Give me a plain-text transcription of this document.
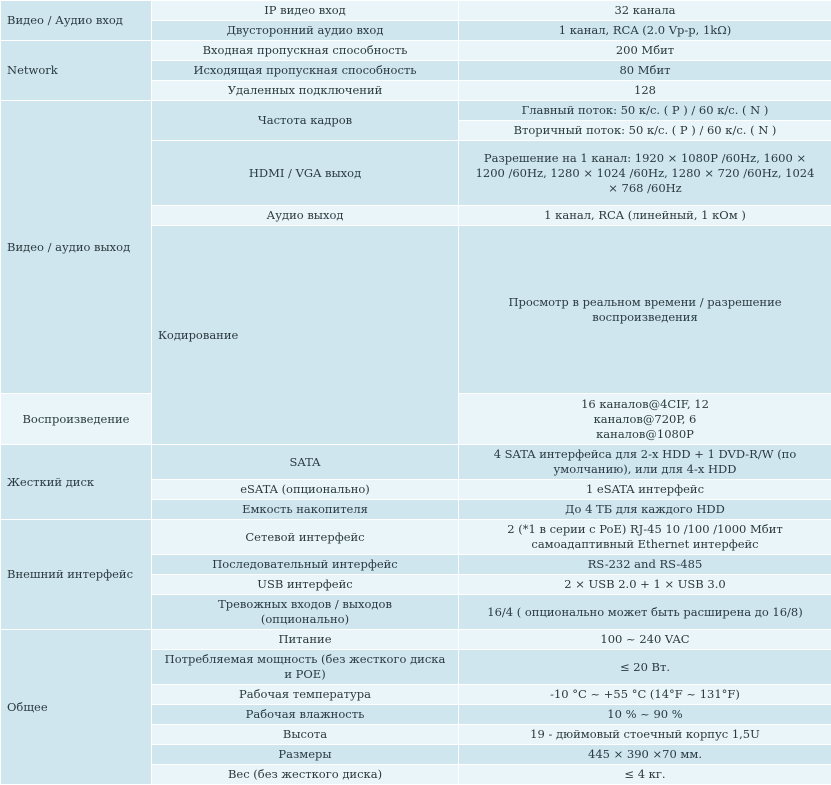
Видео / Аудио вход	IP видео вход	32 канала	
	Двусторонний аудио вход	1 канал, RCA (2.0 Vp-p, 1kΩ)	
Network	Входная пропускная способность	200 Мбит	
	Исходящая пропускная способность	80 Мбит	
	Удаленных подключений	128	
Видео / аудио выход	Частота кадров	Главный поток: 50 к/с. ( P ) / 60 к/с. ( N )	
		Вторичный поток: 50 к/с. ( P ) / 60 к/с. ( N )	
	HDMI / VGA выход	Разрешение на 1 канал: 1920 × 1080P /60Hz, 1600 × 1200 /60Hz, 1280 × 1024 /60Hz, 1280 × 720 /60Hz, 1024 × 768 /60Hz	
	Аудио выход	1 канал, RCA (линейный, 1 кОм )	
	Кодирование	Просмотр в реальном времени / разрешение воспроизведения	
Воспроизведение		16 каналов@4CIF, 12 каналов@720P, 6 каналов@1080P	
Жесткий диск	SATA	4 SATA интерфейса для 2-х HDD + 1 DVD-R/W (по умолчанию), или для 4-х HDD	
	eSATA (опционально)	1 eSATA интерфейс	
	Емкость накопителя	До 4 ТБ для каждого HDD	
Внешний интерфейс	Сетевой интерфейс	2 (*1 в серии с PoE) RJ-45 10 /100 /1000 Мбит самоадаптивный Ethernet интерфейс	
	Последовательный интерфейс	RS-232 and RS-485	
	USB интерфейс	2 × USB 2.0 + 1 × USB 3.0	
	Тревожных входов / выходов (опционально)	16/4 ( опционально может быть расширена до 16/8)	
Общее	Питание	100 ~ 240 VAC	
	Потребляемая мощность (без жесткого диска и POE)	≤ 20 Вт.	
	Рабочая температура	-10 °C ~ +55 °C (14°F ~ 131°F)	
	Рабочая влажность	10 % ~ 90 %	
	Высота	19 - дюймовый стоечный корпус 1,5U	
	Размеры	445 × 390 ×70 мм.	
	Вес (без жесткого диска)	≤ 4 кг.	
